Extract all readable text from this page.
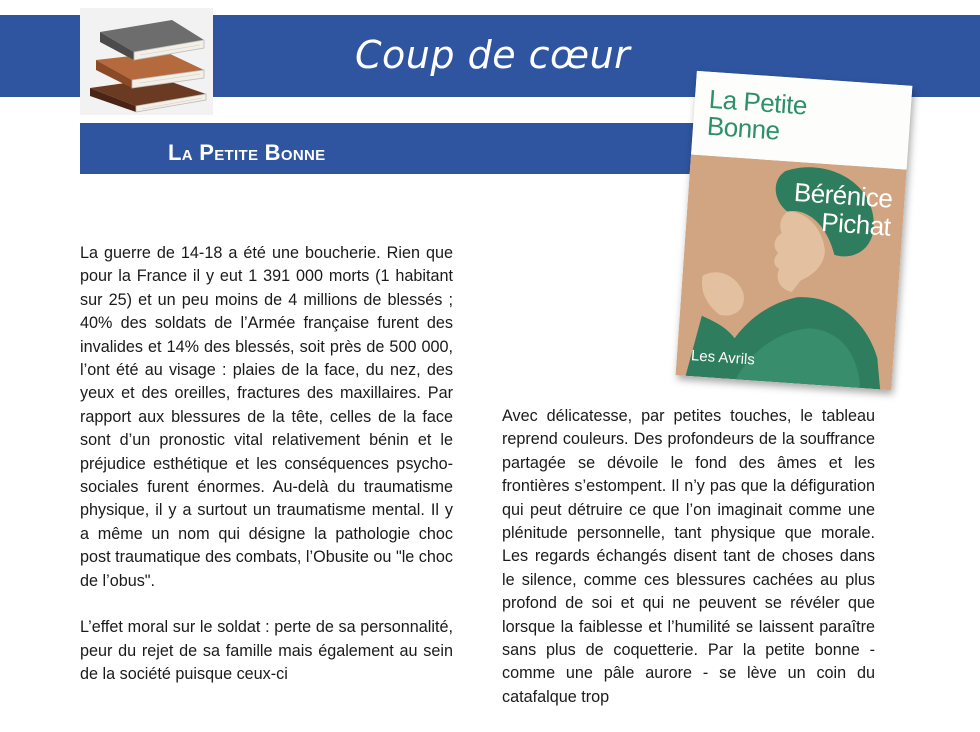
Coup de cœur
La Petite Bonne
La Petite
Bonne
Bérénice
Pichat
Les Avrils

La guerre de 14-18 a été une boucherie. Rien que pour la France il y eut 1 391 000 morts (1 habitant sur 25) et un peu moins de 4 millions de blessés ; 40% des soldats de l’Armée française furent des invalides et 14% des blessés, soit près de 500 000, l’ont été au visage : plaies de la face, du nez, des yeux et des oreilles, fractures des maxillaires. Par rapport aux blessures de la tête, celles de la face sont d’un pronostic vital relativement bénin et le préjudice esthétique et les conséquences psycho-sociales furent énormes. Au-delà du traumatisme physique, il y a surtout un traumatisme mental. Il y a même un nom qui désigne la pathologie choc post traumatique des combats, l’Obusite ou "le choc de l’obus".

L’effet moral sur le soldat : perte de sa personnalité, peur du rejet de sa famille mais également au sein de la société puisque ceux-ci

Avec délicatesse, par petites touches, le tableau reprend couleurs. Des profondeurs de la souffrance partagée se dévoile le fond des âmes et les frontières s’estompent. Il n’y pas que la défiguration qui peut détruire ce que l’on imaginait comme une plénitude personnelle, tant physique que morale. Les regards échangés disent tant de choses dans le silence, comme ces blessures cachées au plus profond de soi et qui ne peuvent se révéler que lorsque la faiblesse et l’humilité se laissent paraître sans plus de coquetterie. Par la petite bonne - comme une pâle aurore - se lève un coin du catafalque trop
